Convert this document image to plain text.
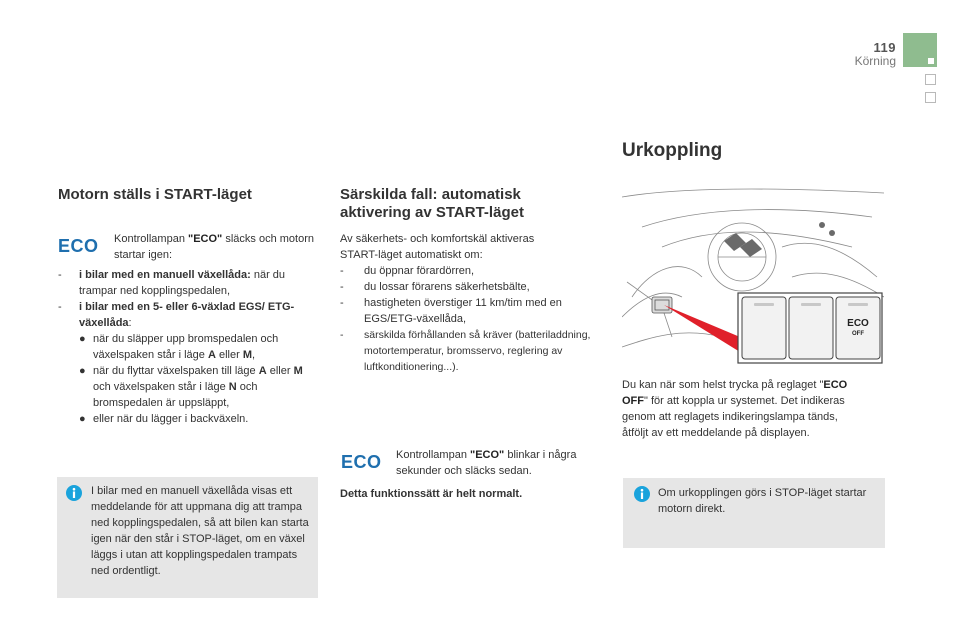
119
Körning
Motorn ställs i START-läget
ECO Kontrollampan "ECO" släcks och motorn startar igen:
- i bilar med en manuell växellåda: när du trampar ned kopplingspedalen,
- i bilar med en 5- eller 6-växlad EGS/ ETG-växellåda:
● när du släpper upp bromspedalen och växelspaken står i läge A eller M,
● när du flyttar växelspaken till läge A eller M och växelspaken står i läge N och bromspedalen är uppsläppt,
● eller när du lägger i backväxeln.
I bilar med en manuell växellåda visas ett meddelande för att uppmana dig att trampa ned kopplingspedalen, så att bilen kan starta igen när den står i STOP-läget, om en växel läggs i utan att kopplingspedalen trampats ned ordentligt.
Särskilda fall: automatisk aktivering av START-läget
Av säkerhets- och komfortskäl aktiveras START-läget automatiskt om:
- du öppnar förardörren,
- du lossar förarens säkerhetsbälte,
- hastigheten överstiger 11 km/tim med en EGS/ETG-växellåda,
- särskilda förhållanden så kräver (batteriladdning, motortemperatur, bromsservo, reglering av luftkonditionering...).
ECO Kontrollampan "ECO" blinkar i några sekunder och släcks sedan.
Detta funktionssätt är helt normalt.
Urkoppling
ECO
OFF
Du kan när som helst trycka på reglaget "ECO OFF" för att koppla ur systemet. Det indikeras genom att reglagets indikeringslampa tänds, åtföljt av ett meddelande på displayen.
Om urkopplingen görs i STOP-läget startar motorn direkt.
